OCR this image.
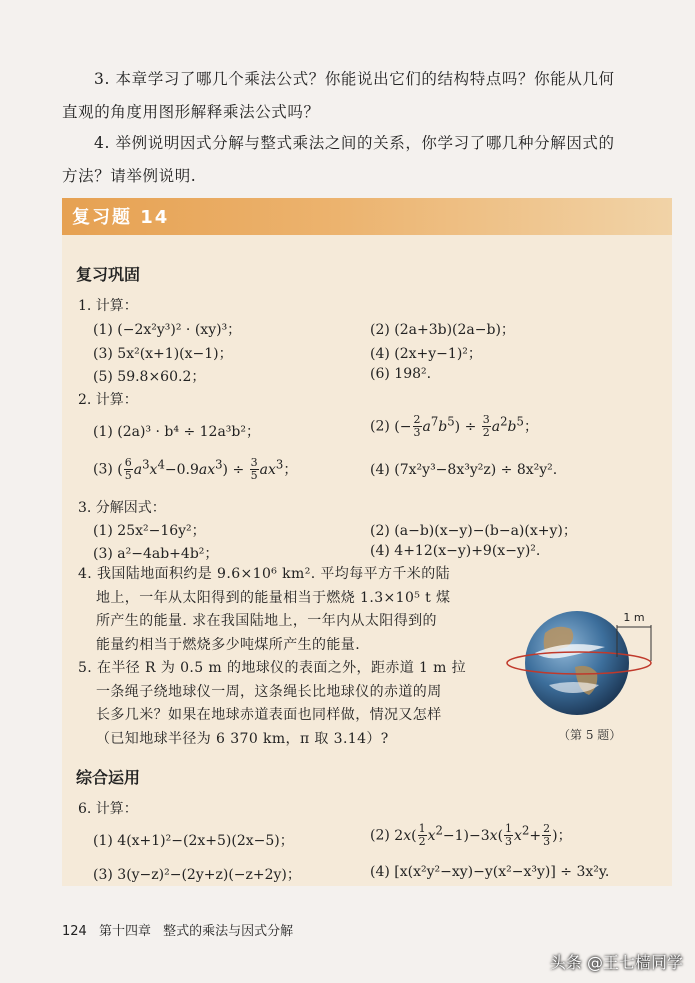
3. 本章学习了哪几个乘法公式？你能说出它们的结构特点吗？你能从几何

直观的角度用图形解释乘法公式吗？

4. 举例说明因式分解与整式乘法之间的关系，你学习了哪几种分解因式的

方法？请举例说明.

复习题 14
复习巩固
1. 计算：
(1) (−2x²y³)² · (xy)³；	(2) (2a+3b)(2a−b)；
(3) 5x²(x+1)(x−1)；	(4) (2x+y−1)²；
(5) 59.8×60.2；	(6) 198².
2. 计算：
(1) (2a)³ · b⁴ ÷ 12a³b²；	(2) (− $\frac{2}{3} a^7b^5) \div \frac{3}{2} a^2b^5$；
(3) ( $\frac{6}{5} a^3x^4-0.9ax^3) \div \frac{3}{5} ax^3$；	(4) (7x²y³−8x³y²z) ÷ 8x²y².
3. 分解因式：
(1) 25x²−16y²；	(2) (a−b)(x−y)−(b−a)(x+y)；
(3) a²−4ab+4b²；	(4) 4+12(x−y)+9(x−y)².

4. 我国陆地面积约是 9.6×10⁶ km². 平均每平方千米的陆

地上，一年从太阳得到的能量相当于燃烧 1.3×10⁵ t 煤

所产生的能量. 求在我国陆地上，一年内从太阳得到的

能量约相当于燃烧多少吨煤所产生的能量.

5. 在半径 R 为 0.5 m 的地球仪的表面之外，距赤道 1 m 拉

一条绳子绕地球仪一周，这条绳长比地球仪的赤道的周

长多几米？如果在地球赤道表面也同样做，情况又怎样

（已知地球半径为 6 370 km，π 取 3.14）?

1 m
（第 5 题）
综合运用
6. 计算：
(1) 4(x+1)²−(2x+5)(2x−5)；	(2) $2x( \frac{1}{2} x^2-1)-3x( \frac{1}{3} x^2+ \frac{2}{3}$ )；
(3) 3(y−z)²−(2y+z)(−z+2y)；	(4) [x(x²y²−xy)−y(x²−x³y)] ÷ 3x²y.
124 第十四章 整式的乘法与因式分解
头条 @王七樯同学
